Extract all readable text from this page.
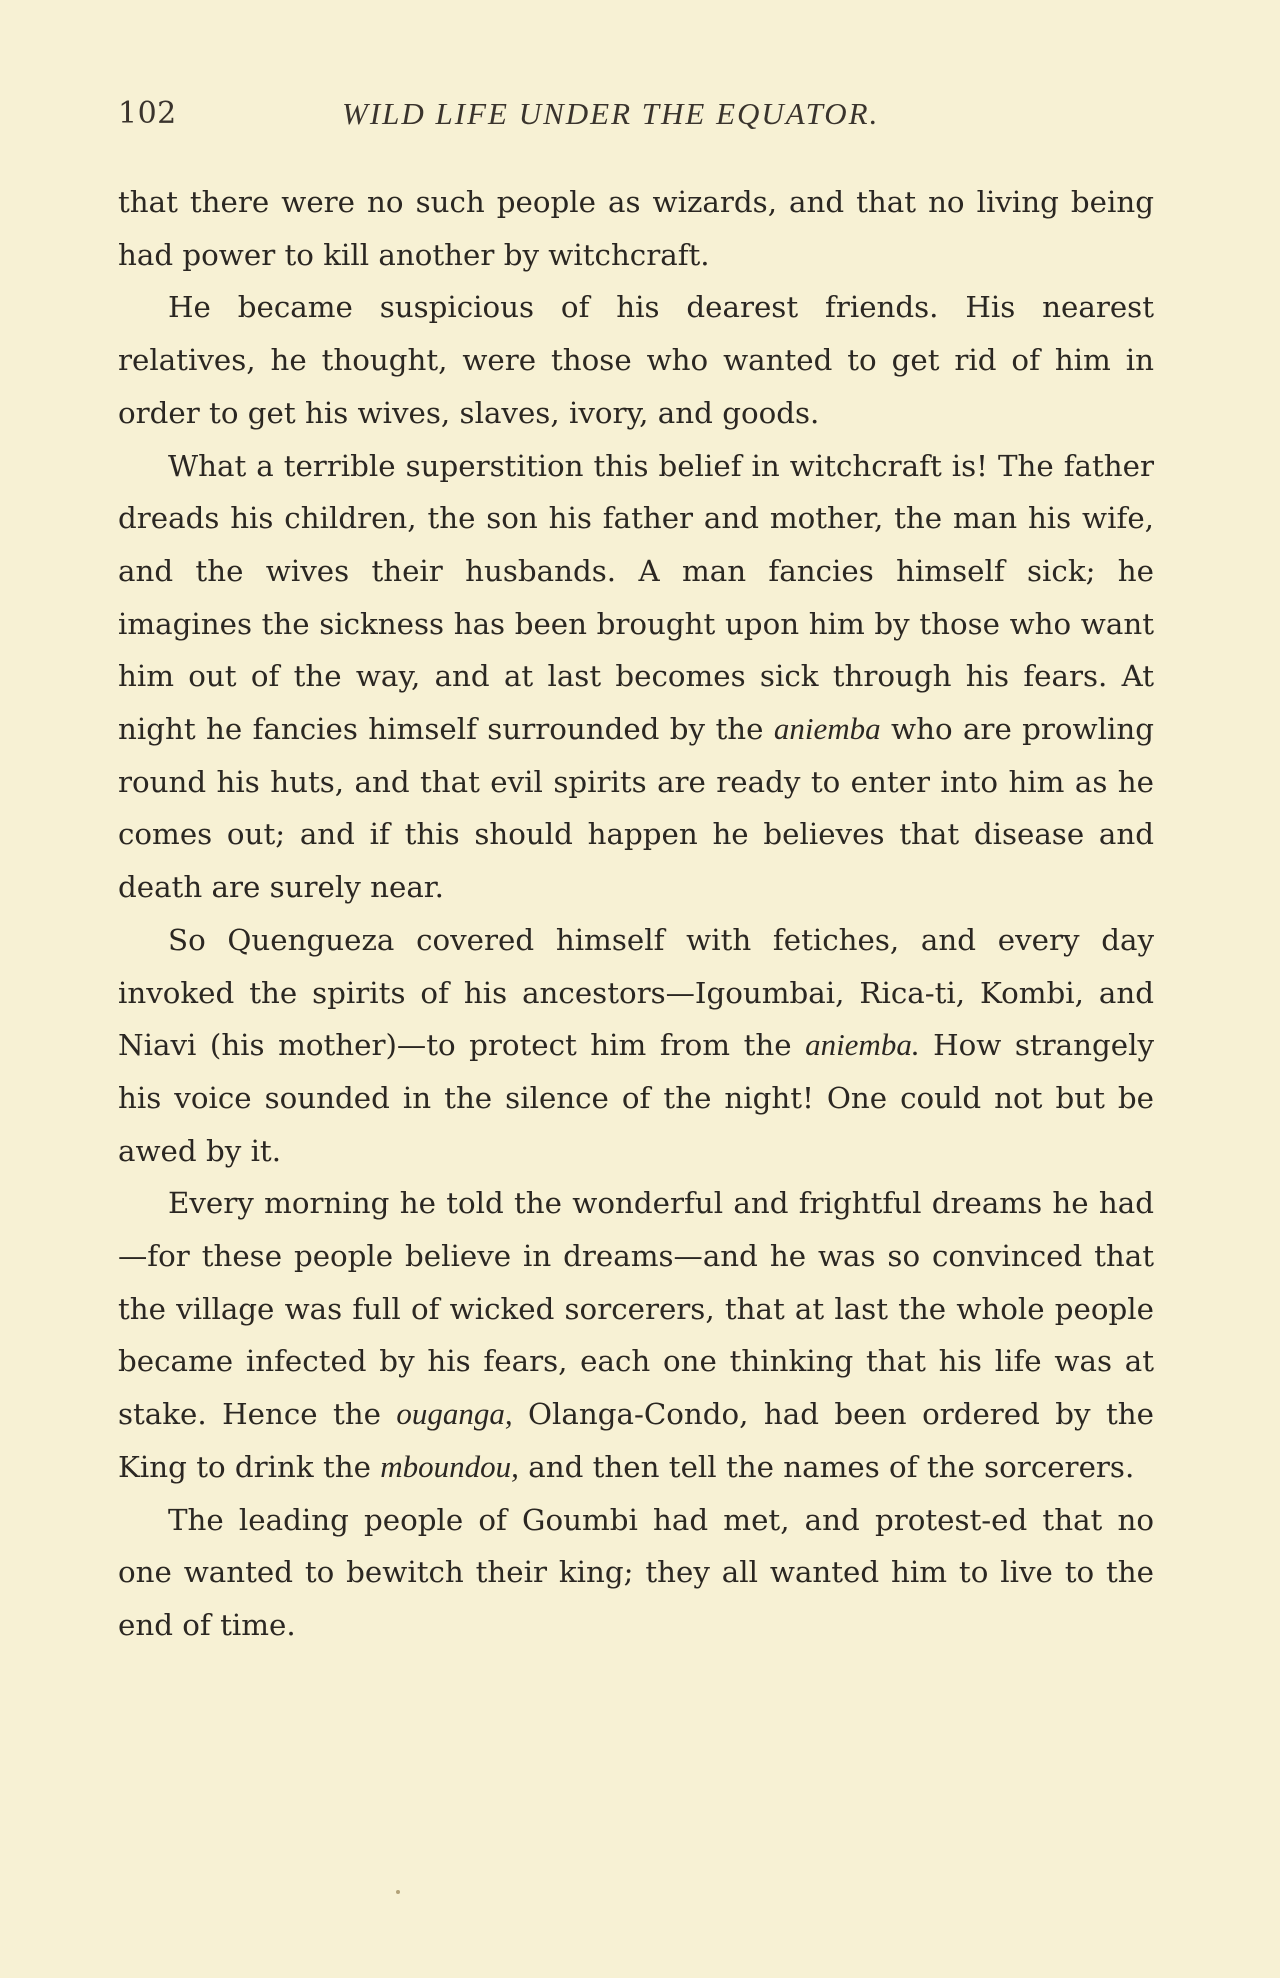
102	WILD LIFE UNDER THE EQUATOR.

that there were no such people as wizards, and that no living being had power to kill another by witchcraft.

He became suspicious of his dearest friends. His nearest relatives, he thought, were those who wanted to get rid of him in order to get his wives, slaves, ivory, and goods.

What a terrible superstition this belief in witchcraft is! The father dreads his children, the son his father and mother, the man his wife, and the wives their husbands. A man fancies himself sick; he imagines the sickness has been brought upon him by those who want him out of the way, and at last becomes sick through his fears. At night he fancies himself surrounded by the aniemba who are prowling round his huts, and that evil spirits are ready to enter into him as he comes out; and if this should happen he believes that disease and death are surely near.

So Quengueza covered himself with fetiches, and every day invoked the spirits of his ancestors—Igoumbai, Rica-ti, Kombi, and Niavi (his mother)—to protect him from the aniemba. How strangely his voice sounded in the silence of the night! One could not but be awed by it.

Every morning he told the wonderful and frightful dreams he had—for these people believe in dreams—and he was so convinced that the village was full of wicked sorcerers, that at last the whole people became infected by his fears, each one thinking that his life was at stake. Hence the ouganga, Olanga-Condo, had been ordered by the King to drink the mboundou, and then tell the names of the sorcerers.

The leading people of Goumbi had met, and protest-ed that no one wanted to bewitch their king; they all wanted him to live to the end of time.
